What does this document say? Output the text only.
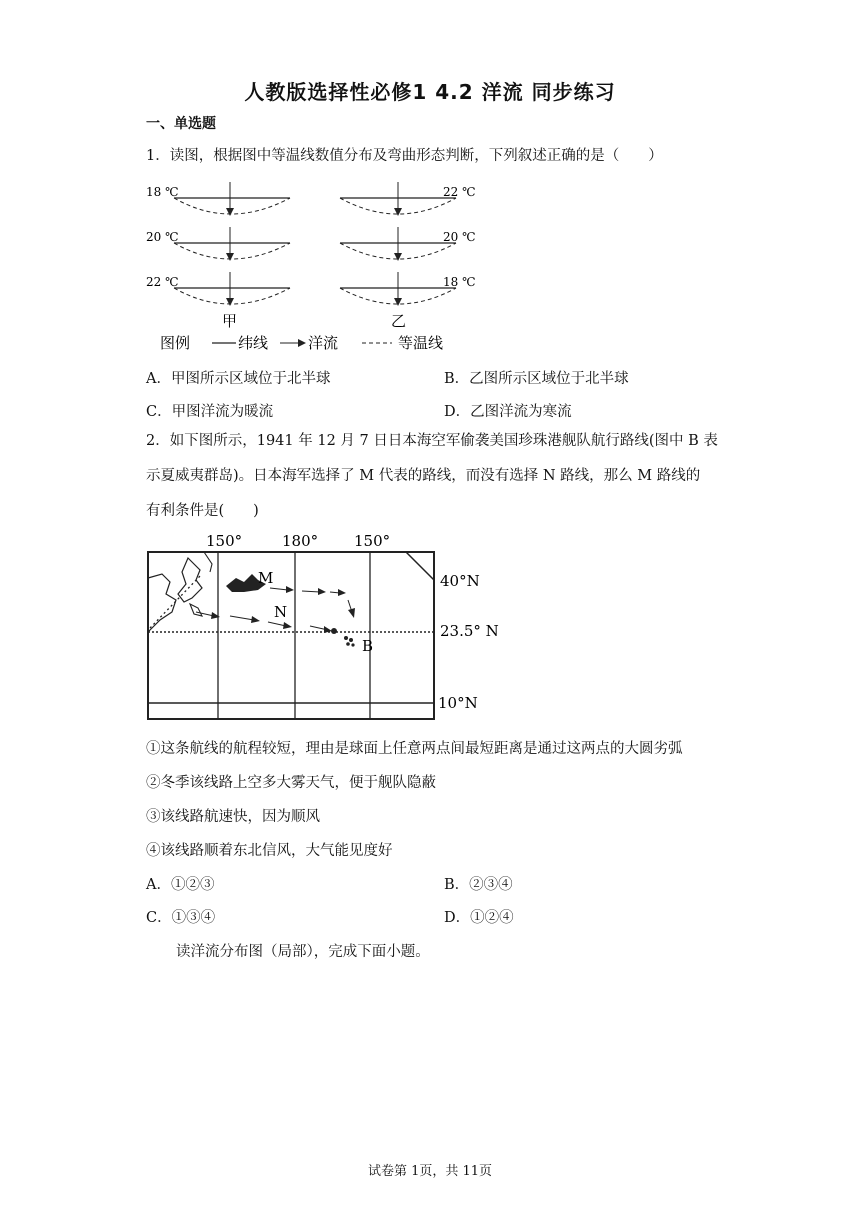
人教版选择性必修1 4.2 洋流 同步练习
一、单选题
1．读图，根据图中等温线数值分布及弯曲形态判断，下列叙述正确的是（　　）
18 ℃
20 ℃
22 ℃
甲
22 ℃
20 ℃
18 ℃
乙
图例	纬线	洋流	等温线
A．甲图所示区域位于北半球	B．乙图所示区域位于北半球
C．甲图洋流为暖流	D．乙图洋流为寒流
2．如下图所示，1941 年 12 月 7 日日本海空军偷袭美国珍珠港舰队航行路线(图中 B 表
示夏威夷群岛)。日本海军选择了 M 代表的路线，而没有选择 N 路线，那么 M 路线的
有利条件是(　　)
150°	180° 150°
40°N
23.5° N
10°N
M
N
B
①这条航线的航程较短，理由是球面上任意两点间最短距离是通过这两点的大圆劣弧
②冬季该线路上空多大雾天气，便于舰队隐蔽
③该线路航速快，因为顺风
④该线路顺着东北信风，大气能见度好
A．①②③	B．②③④
C．①③④	D．①②④
读洋流分布图（局部），完成下面小题。
试卷第 1页，共 11页
